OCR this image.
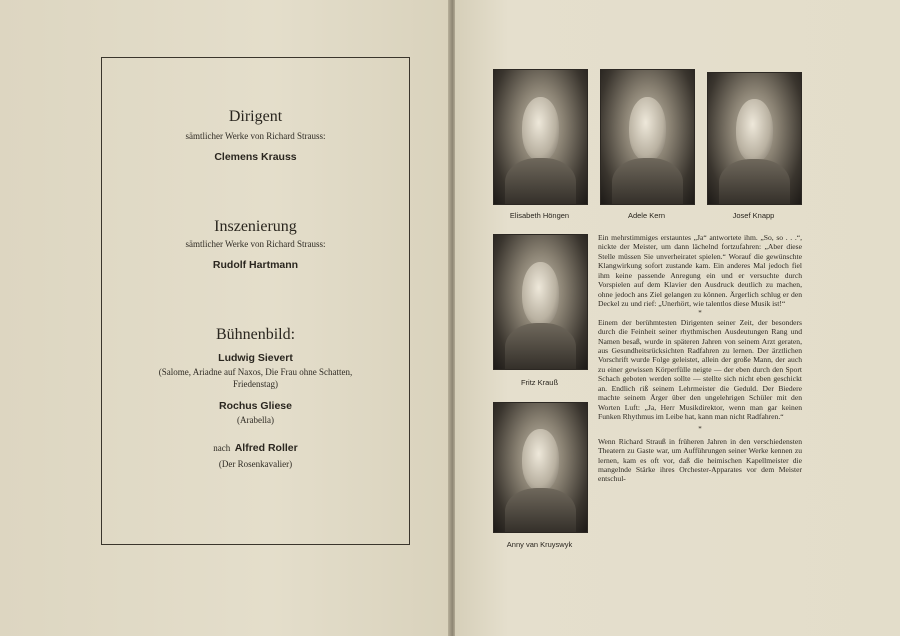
Dirigent
sämtlicher Werke von Richard Strauss:
Clemens Krauss
Inszenierung
sämtlicher Werke von Richard Strauss:
Rudolf Hartmann
Bühnenbild:
Ludwig Sievert
(Salome, Ariadne auf Naxos, Die Frau ohne Schatten,
Friedenstag)
Rochus Gliese
(Arabella)
nach Alfred Roller
(Der Rosenkavalier)
Elisabeth Höngen	Adele Kern	Josef Knapp
Fritz Krauß
Anny van Kruyswyk
Ein mehrstimmiges erstauntes „Ja“ antwortete ihm. „So, so . . .“, nickte der Meister, um dann lächelnd fortzufahren: „Aber diese Stelle müssen Sie unverheiratet spielen.“ Worauf die gewünschte Klangwirkung sofort zustande kam. Ein anderes Mal jedoch fiel ihm keine passende Anregung ein und er versuchte durch Vorspielen auf dem Klavier den Ausdruck deutlich zu machen, ohne jedoch ans Ziel gelangen zu können. Ärgerlich schlug er den Deckel zu und rief: „Unerhört, wie talentlos diese Musik ist!“
*
Einem der berühmtesten Dirigenten seiner Zeit, der besonders durch die Feinheit seiner rhythmischen Ausdeutungen Rang und Namen besaß, wurde in späteren Jahren von seinem Arzt geraten, aus Gesundheitsrücksichten Radfahren zu lernen. Der ärztlichen Vorschrift wurde Folge geleistet, allein der große Mann, der auch zu einer gewissen Körperfülle neigte — der eben durch den Sport Schach geboten werden sollte — stellte sich nicht eben geschickt an. Endlich riß seinem Lehrmeister die Geduld. Der Biedere machte seinem Ärger über den ungelehrigen Schüler mit den Worten Luft: „Ja, Herr Musikdirektor, wenn man gar keinen Funken Rhythmus im Leibe hat, kann man nicht Radfahren.“
*
Wenn Richard Strauß in früheren Jahren in den verschiedensten Theatern zu Gaste war, um Aufführungen seiner Werke kennen zu lernen, kam es oft vor, daß die heimischen Kapellmeister die mangelnde Stärke ihres Orchester-Apparates vor dem Meister entschul-
